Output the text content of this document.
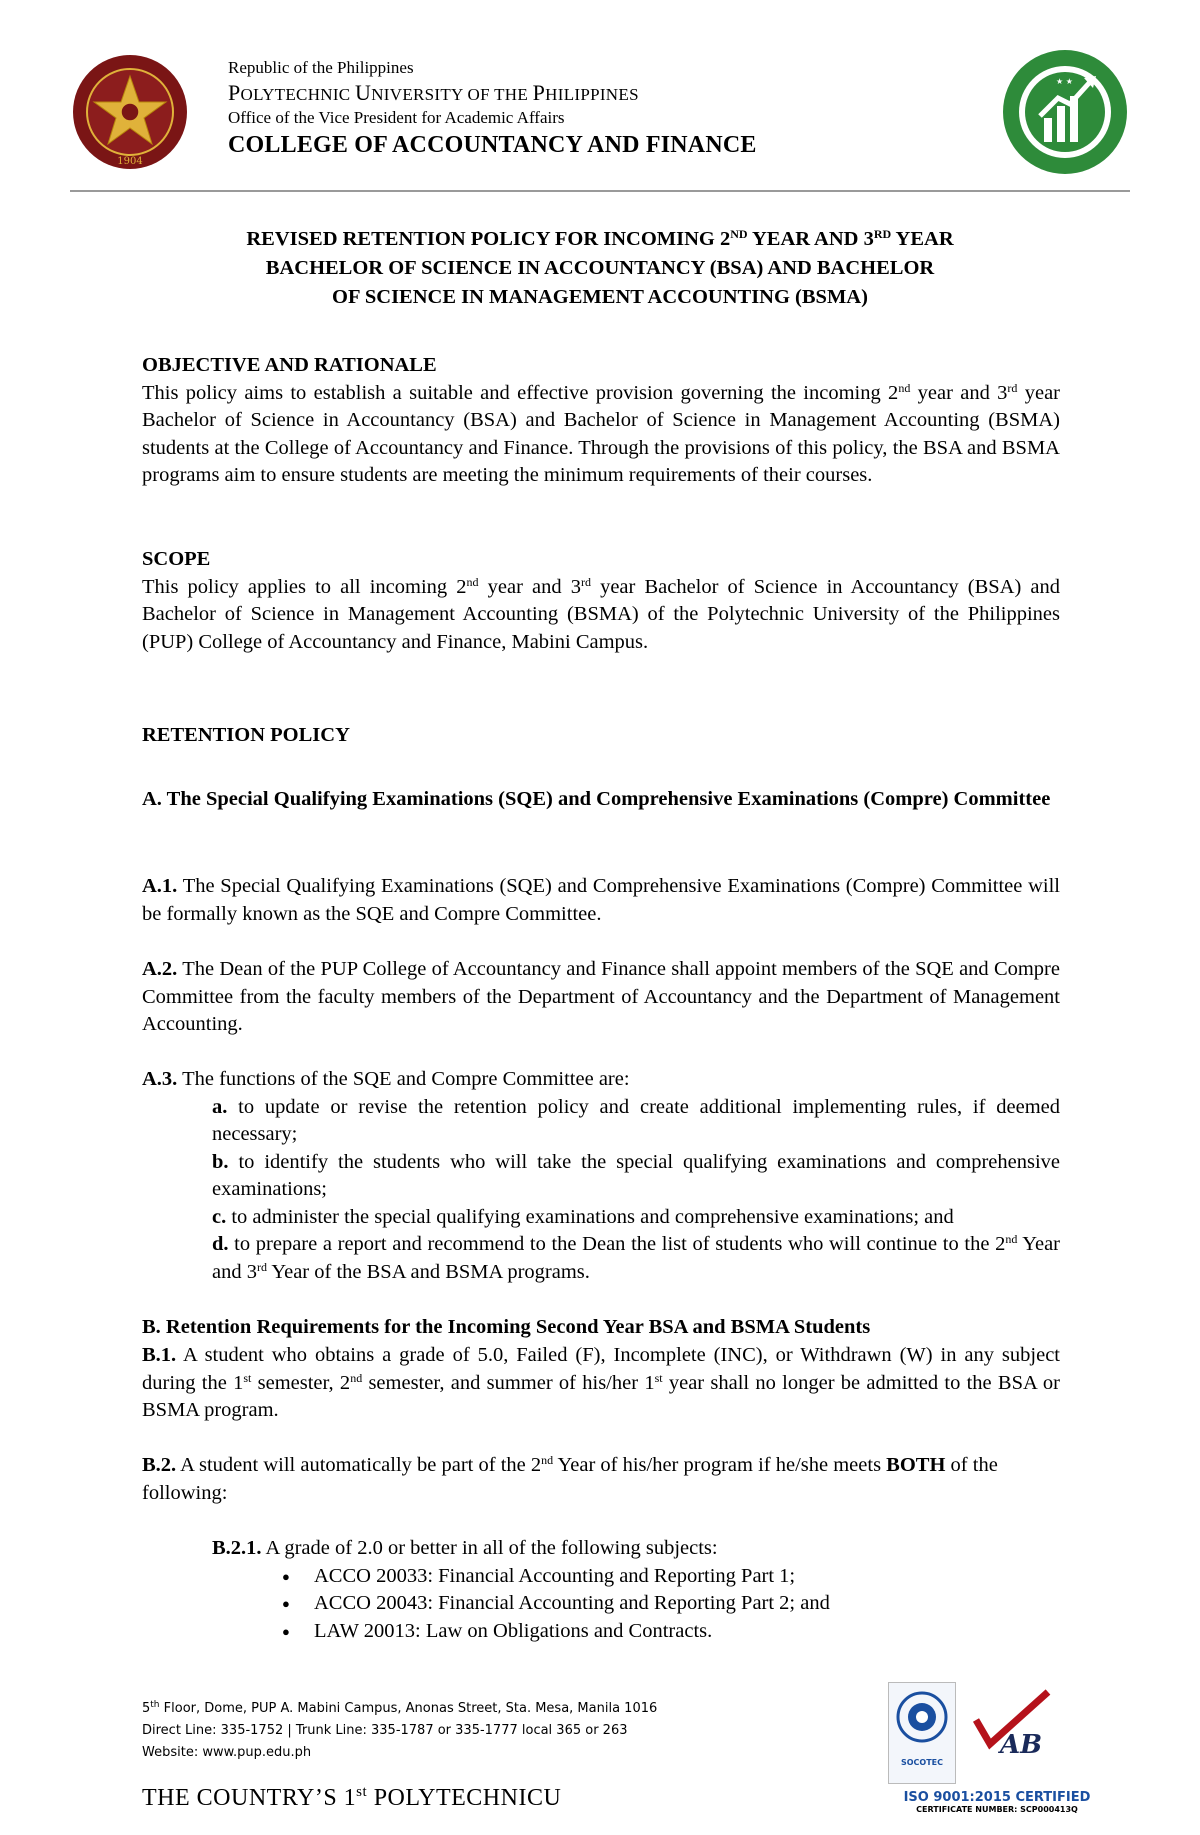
1904
Republic of the Philippines
POLYTECHNIC UNIVERSITY OF THE PHILIPPINES
Office of the Vice President for Academic Affairs
COLLEGE OF ACCOUNTANCY AND FINANCE
★ ★
REVISED RETENTION POLICY FOR INCOMING 2ND YEAR AND 3RD YEAR
BACHELOR OF SCIENCE IN ACCOUNTANCY (BSA) AND BACHELOR
OF SCIENCE IN MANAGEMENT ACCOUNTING (BSMA)
OBJECTIVE AND RATIONALE
This policy aims to establish a suitable and effective provision governing the incoming 2nd year and 3rd year Bachelor of Science in Accountancy (BSA) and Bachelor of Science in Management Accounting (BSMA) students at the College of Accountancy and Finance. Through the provisions of this policy, the BSA and BSMA programs aim to ensure students are meeting the minimum requirements of their courses.
SCOPE
This policy applies to all incoming 2nd year and 3rd year Bachelor of Science in Accountancy (BSA) and Bachelor of Science in Management Accounting (BSMA) of the Polytechnic University of the Philippines (PUP) College of Accountancy and Finance, Mabini Campus.
RETENTION POLICY
A. The Special Qualifying Examinations (SQE) and Comprehensive Examinations (Compre) Committee
A.1. The Special Qualifying Examinations (SQE) and Comprehensive Examinations (Compre) Committee will be formally known as the SQE and Compre Committee.
A.2. The Dean of the PUP College of Accountancy and Finance shall appoint members of the SQE and Compre Committee from the faculty members of the Department of Accountancy and the Department of Management Accounting.
A.3. The functions of the SQE and Compre Committee are:
a. to update or revise the retention policy and create additional implementing rules, if deemed necessary;
b. to identify the students who will take the special qualifying examinations and comprehensive examinations;
c. to administer the special qualifying examinations and comprehensive examinations; and
d. to prepare a report and recommend to the Dean the list of students who will continue to the 2nd Year and 3rd Year of the BSA and BSMA programs.
B. Retention Requirements for the Incoming Second Year BSA and BSMA Students
B.1. A student who obtains a grade of 5.0, Failed (F), Incomplete (INC), or Withdrawn (W) in any subject during the 1st semester, 2nd semester, and summer of his/her 1st year shall no longer be admitted to the BSA or BSMA program.
B.2. A student will automatically be part of the 2nd Year of his/her program if he/she meets BOTH of the following:
B.2.1. A grade of 2.0 or better in all of the following subjects:
● ACCO 20033: Financial Accounting and Reporting Part 1;
● ACCO 20043: Financial Accounting and Reporting Part 2; and
● LAW 20013: Law on Obligations and Contracts.
5th Floor, Dome, PUP A. Mabini Campus, Anonas Street, Sta. Mesa, Manila 1016
Direct Line: 335-1752 | Trunk Line: 335-1787 or 335-1777 local 365 or 263
Website: www.pup.edu.ph
THE COUNTRY’S 1st POLYTECHNICU
SOCOTEC
AB
ISO 9001:2015 CERTIFIED
CERTIFICATE NUMBER: SCP000413Q
